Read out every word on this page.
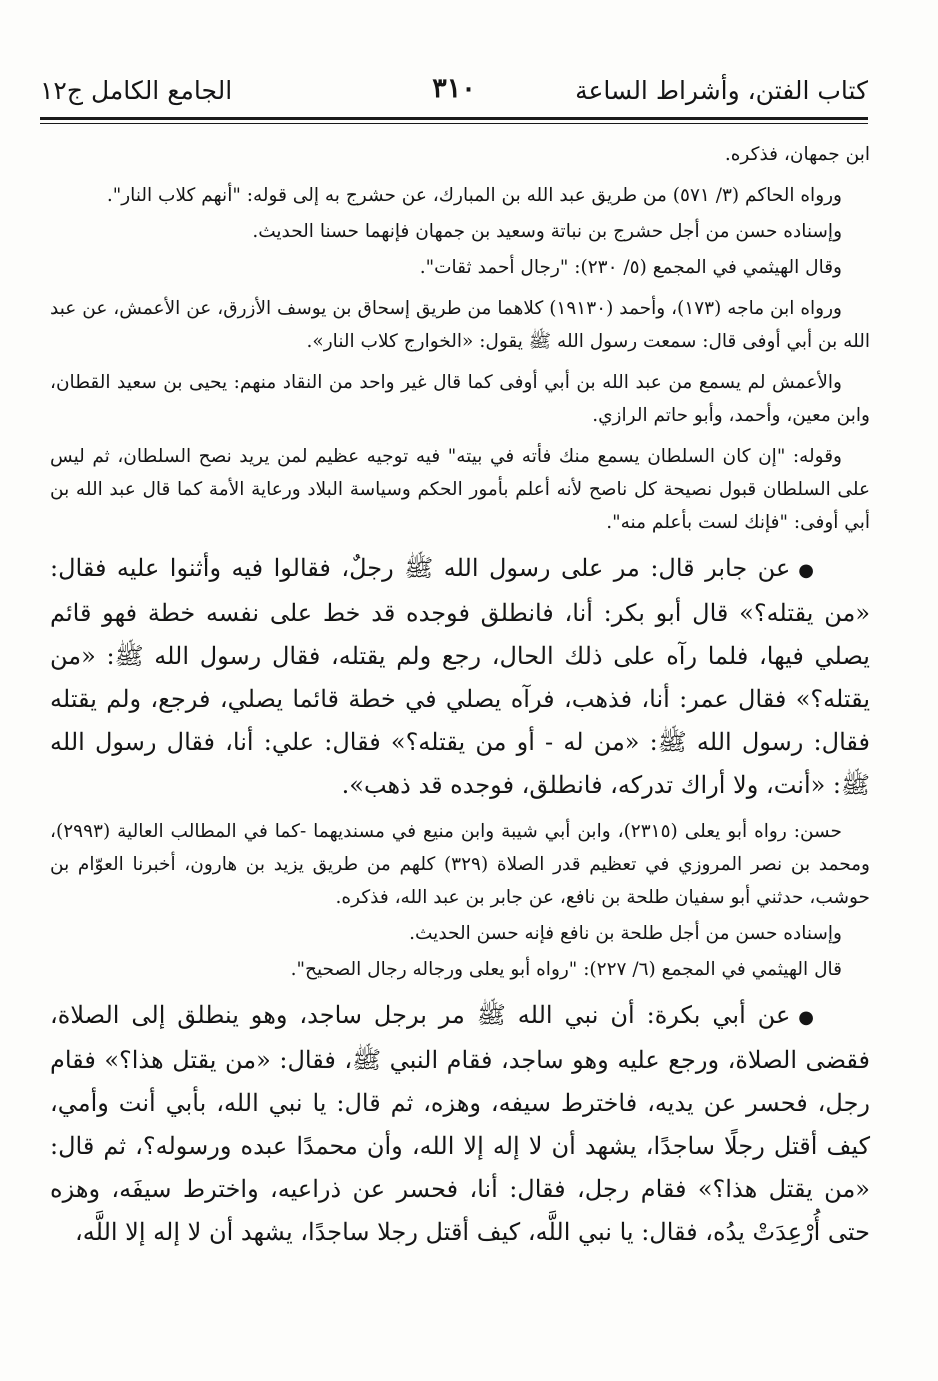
كتاب الفتن، وأشراط الساعة
٣١٠
الجامع الكامل ج١٢

ابن جمهان، فذكره.

ورواه الحاكم (٣/ ٥٧١) من طريق عبد الله بن المبارك، عن حشرج به إلى قوله: "أنهم كلاب النار".

وإسناده حسن من أجل حشرج بن نباتة وسعيد بن جمهان فإنهما حسنا الحديث.

وقال الهيثمي في المجمع (٥/ ٢٣٠): "رجال أحمد ثقات".

ورواه ابن ماجه (١٧٣)، وأحمد (١٩١٣٠) كلاهما من طريق إسحاق بن يوسف الأزرق، عن الأعمش، عن عبد الله بن أبي أوفى قال: سمعت رسول الله ﷺ يقول: «الخوارج كلاب النار».

والأعمش لم يسمع من عبد الله بن أبي أوفى كما قال غير واحد من النقاد منهم: يحيى بن سعيد القطان، وابن معين، وأحمد، وأبو حاتم الرازي.

وقوله: "إن كان السلطان يسمع منك فأته في بيته" فيه توجيه عظيم لمن يريد نصح السلطان، ثم ليس على السلطان قبول نصيحة كل ناصح لأنه أعلم بأمور الحكم وسياسة البلاد ورعاية الأمة كما قال عبد الله بن أبي أوفى: "فإنك لست بأعلم منه".

●عن جابر قال: مر على رسول الله ﷺ رجلٌ، فقالوا فيه وأثنوا عليه فقال: «من يقتله؟» قال أبو بكر: أنا، فانطلق فوجده قد خط على نفسه خطة فهو قائم يصلي فيها، فلما رآه على ذلك الحال، رجع ولم يقتله، فقال رسول الله ﷺ: «من يقتله؟» فقال عمر: أنا، فذهب، فرآه يصلي في خطة قائما يصلي، فرجع، ولم يقتله فقال: رسول الله ﷺ: «من له - أو من يقتله؟» فقال: علي: أنا، فقال رسول الله ﷺ: «أنت، ولا أراك تدركه، فانطلق، فوجده قد ذهب».

حسن: رواه أبو يعلى (٢٣١٥)، وابن أبي شيبة وابن منيع في مسنديهما -كما في المطالب العالية (٢٩٩٣)، ومحمد بن نصر المروزي في تعظيم قدر الصلاة (٣٢٩) كلهم من طريق يزيد بن هارون، أخبرنا العوّام بن حوشب، حدثني أبو سفيان طلحة بن نافع، عن جابر بن عبد الله، فذكره.

وإسناده حسن من أجل طلحة بن نافع فإنه حسن الحديث.

قال الهيثمي في المجمع (٦/ ٢٢٧): "رواه أبو يعلى ورجاله رجال الصحيح".

●عن أبي بكرة: أن نبي الله ﷺ مر برجل ساجد، وهو ينطلق إلى الصلاة، فقضى الصلاة، ورجع عليه وهو ساجد، فقام النبي ﷺ، فقال: «من يقتل هذا؟» فقام رجل، فحسر عن يديه، فاخترط سيفه، وهزه، ثم قال: يا نبي الله، بأبي أنت وأمي، كيف أقتل رجلًا ساجدًا، يشهد أن لا إله إلا الله، وأن محمدًا عبده ورسوله؟، ثم قال: «من يقتل هذا؟» فقام رجل، فقال: أنا، فحسر عن ذراعيه، واخترط سيفَه، وهزه حتى أُرْعِدَتْ يدُه، فقال: يا نبي اللَّه، كيف أقتل رجلا ساجدًا، يشهد أن لا إله إلا اللَّه،
